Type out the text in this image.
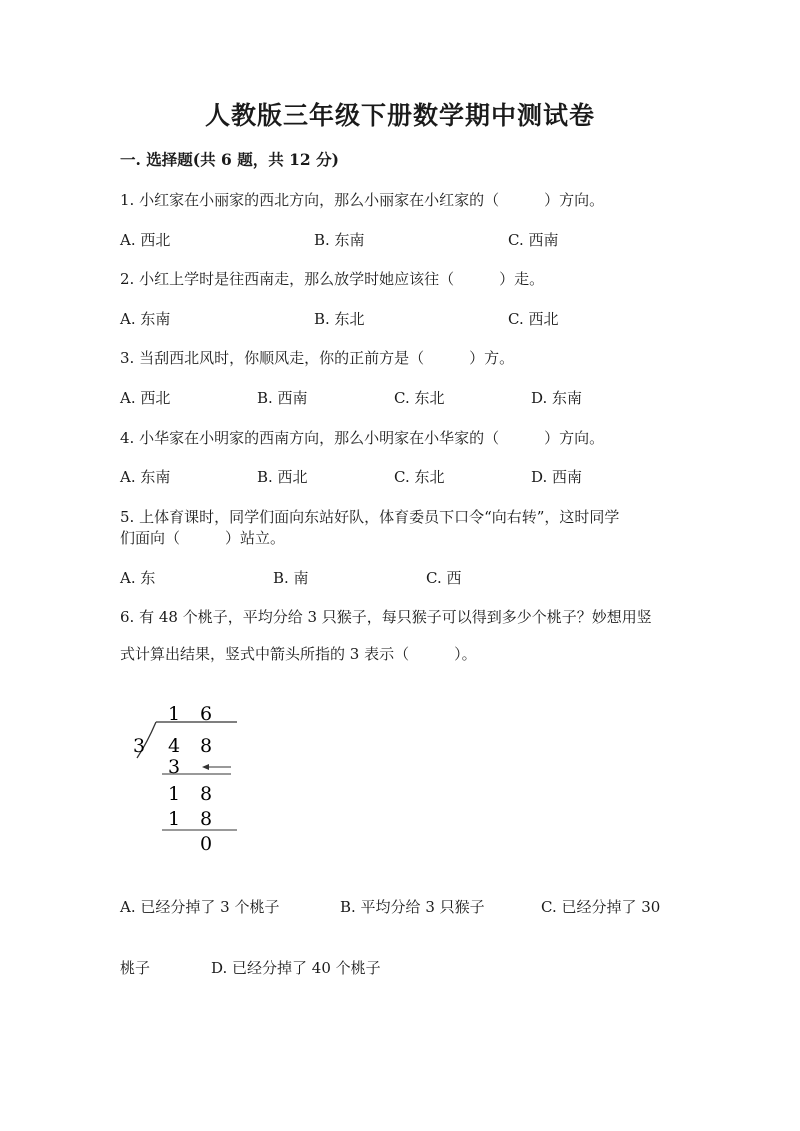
人教版三年级下册数学期中测试卷
一. 选择题(共 6 题，共 12 分)
1. 小红家在小丽家的西北方向，那么小丽家在小红家的（　　　）方向。
A. 西北	B. 东南	C. 西南
2. 小红上学时是往西南走，那么放学时她应该往（　　　）走。
A. 东南	B. 东北	C. 西北
3. 当刮西北风时，你顺风走，你的正前方是（　　　）方。
A. 西北	B. 西南	C. 东北	D. 东南
4. 小华家在小明家的西南方向，那么小明家在小华家的（　　　）方向。
A. 东南	B. 西北	C. 东北	D. 西南
5. 上体育课时，同学们面向东站好队，体育委员下口令“向右转”，这时同学
们面向（　　　）站立。
A. 东	B. 南	C. 西
6. 有 48 个桃子，平均分给 3 只猴子，每只猴子可以得到多少个桃子？妙想用竖
式计算出结果，竖式中箭头所指的 3 表示（　　　）。
1 6
3 4 8
3
1 8
1 8
0
A. 已经分掉了 3 个桃子	B. 平均分给 3 只猴子	C. 已经分掉了 30
桃子	D. 已经分掉了 40 个桃子
